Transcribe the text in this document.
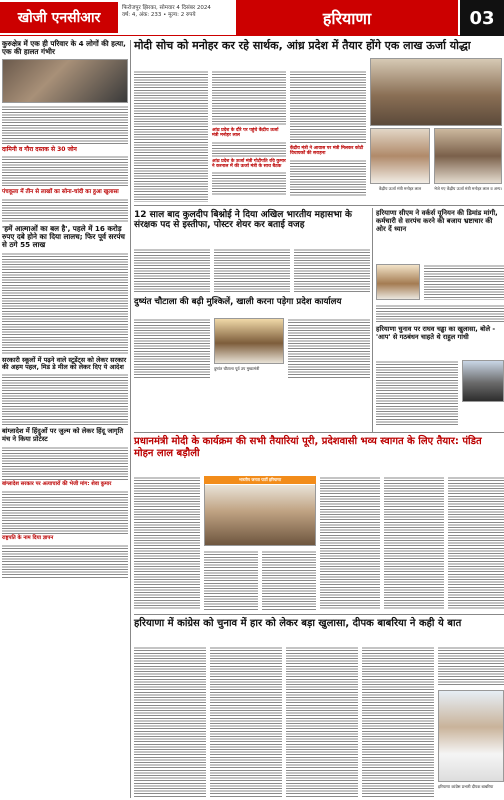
खोजी एनसीआर
फिरोजपुर झिरका, सोमवार 4 दिसंबर 2024
वर्ष: 4, अंक: 233 • मूल्य: 2 रुपये	हरियाणा	03
कुरुक्षेत्र में एक ही परिवार के 4 लोगों की हत्या, एक की हालत गंभीर
दामिनी व गौरा दस्तक से 30 जोन
पंचकूला में तीन से लाखों का सोना-चांदी का हुआ खुलासा
'हमें आत्माओं का बल है', पहले में 16 करोड़ रुपए दबे होने का दिया लालच; फिर पूर्व सरपंच से ठगे 55 लाख
सरकारी स्कूलों में पढ़ने वाले स्टूडेंट्स को लेकर सरकार की अहम पहल, मिड डे मील को लेकर दिए ये आदेश
बांग्लादेश में हिंदुओं पर जुल्म को लेकर हिंदू जागृति मंच ने किया प्रोटेस्ट
बांग्लादेश सरकार पर अत्याचारों की भेजी मांग: शेवा कुमार
राष्ट्रपति के नाम दिया ज्ञापन
मोदी सोच को मनोहर कर रहे सार्थक, आंध्र प्रदेश में तैयार होंगे एक लाख ऊर्जा योद्धा
आंध्र प्रदेश के दौरे पर पहुंचे केंद्रीय ऊर्जा मंत्री मनोहर लाल
आंध्र प्रदेश के ऊर्जा मंत्री गोटीपति रवि कुमार ने करनाल में की ऊर्जा मंत्री के साथ बैठक
केंद्रीय मंत्री ने आवास पर मंत्री मिलकर कोटी विधायकों की सराहना
केंद्रीय ऊर्जा मंत्री मनोहर लाल	भेजे गए केंद्रीय ऊर्जा मंत्री मनोहर लाल व अन्य।
12 साल बाद कुलदीप बिश्नोई ने दिया अखिल भारतीय महासभा के संरक्षक पद से इस्तीफा, पोस्टर शेयर कर बताई वजह
दुष्यंत चौटाला की बढ़ी मुश्किलें, खाली करना पड़ेगा प्रदेश कार्यालय
दुष्यंत चौटाला पूर्व उप मुख्यमंत्री
हरियाणा सीएम ने वर्कर्स यूनियन की डिमांड मांगी, कर्मचारी से सरपंच करने की बजाय भ्रष्टाचार की ओर दें ध्यान
हरियाणा चुनाव पर राघव चड्ढा का खुलासा, बोले - 'आप' से गठबंधन चाहते थे राहुल गांधी
प्रधानमंत्री मोदी के कार्यक्रम की सभी तैयारियां पूरी, प्रदेशवासी भव्य स्वागत के लिए तैयार: पंडित मोहन लाल बड़ौली
भारतीय जनता पार्टी हरियाणा
हरियाणा में कांग्रेस को चुनाव में हार को लेकर बड़ा खुलासा, दीपक बाबरिया ने कही ये बात
हरियाणा कांग्रेस प्रभारी दीपक बाबरिया
